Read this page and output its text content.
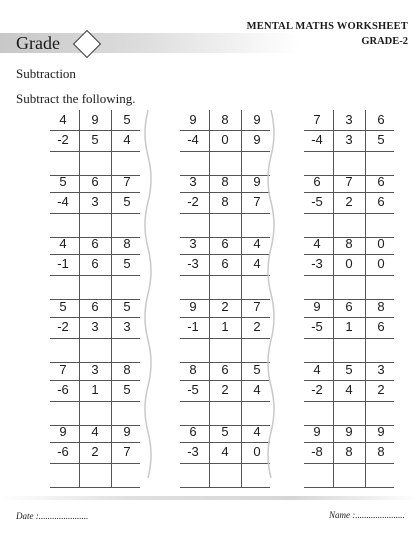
Grade
MENTAL MATHS WORKSHEET
GRADE-2
Subtraction
Subtract the following.
4	9	5
-2	5	4
5	6	7
-4	3	5
4	6	8
-1	6	5
5	6	5
-2	3	3
7	3	8
-6	1	5
9	4	9
-6	2	7
9	8	9
-4	0	9
3	8	9
-2	8	7
3	6	4
-3	6	4
9	2	7
-1	1	2
8	6	5
-5	2	4
6	5	4
-3	4	0
7	3	6
-4	3	5
6	7	6
-5	2	6
4	8	0
-3	0	0
9	6	8
-5	1	6
4	5	3
-2	4	2
9	9	9
-8	8	8
Date :......................	Name :......................
